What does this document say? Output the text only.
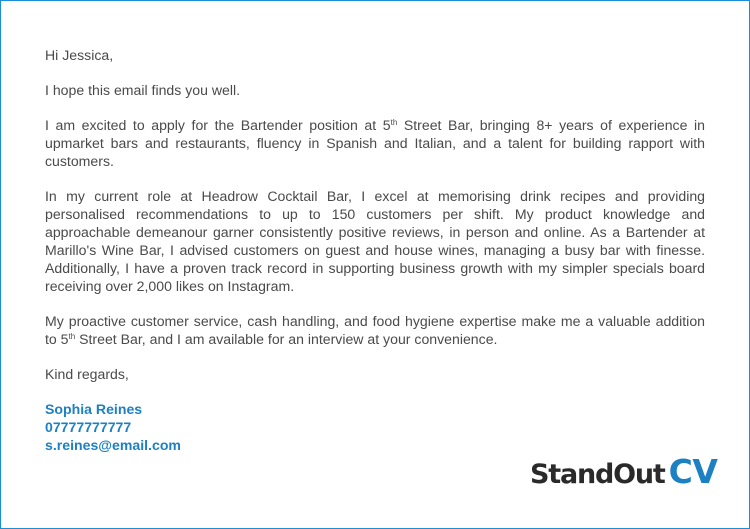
Hi Jessica,

I hope this email finds you well.

I am excited to apply for the Bartender position at 5th Street Bar, bringing 8+ years of experience in upmarket bars and restaurants, fluency in Spanish and Italian, and a talent for building rapport with customers.

In my current role at Headrow Cocktail Bar, I excel at memorising drink recipes and providing personalised recommendations to up to 150 customers per shift. My product knowledge and approachable demeanour garner consistently positive reviews, in person and online. As a Bartender at Marillo's Wine Bar, I advised customers on guest and house wines, managing a busy bar with finesse. Additionally, I have a proven track record in supporting business growth with my simpler specials board receiving over 2,000 likes on Instagram.

My proactive customer service, cash handling, and food hygiene expertise make me a valuable addition to 5th Street Bar, and I am available for an interview at your convenience.

Kind regards,

Sophia Reines
07777777777
s.reines@email.com
StandOut CV
